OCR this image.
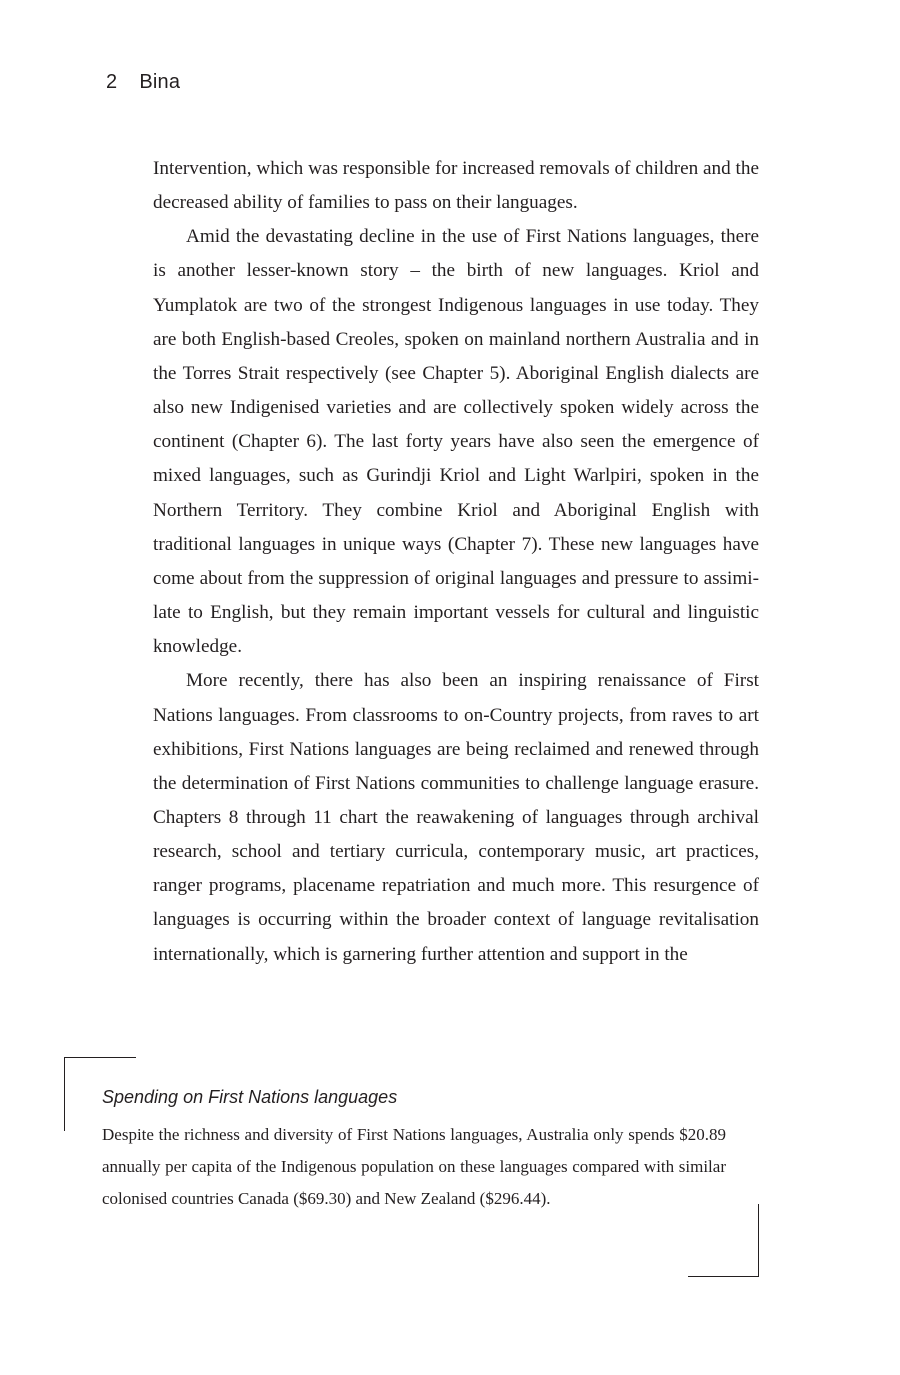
2 Bina

Intervention, which was responsible for increased removals of children and the decreased ability of families to pass on their languages.

Amid the devastating decline in the use of First Nations languages, there is another lesser-known story – the birth of new languages. Kriol and Yumplatok are two of the strongest Indigenous languages in use today. They are both English-based Creoles, spoken on mainland northern Australia and in the Torres Strait respectively (see Chapter 5). Aboriginal English dialects are also new Indigenised varieties and are collectively spoken widely across the continent (Chapter 6). The last forty years have also seen the emergence of mixed languages, such as Gurindji Kriol and Light Warlpiri, spoken in the Northern Territory. They combine Kriol and Aboriginal English with traditional languages in unique ways (Chapter 7). These new languages have come about from the suppression of original languages and pressure to assimilate to English, but they remain important vessels for cultural and linguistic knowledge.

More recently, there has also been an inspiring renaissance of First Nations languages. From classrooms to on-Country projects, from raves to art exhibitions, First Nations languages are being reclaimed and renewed through the determination of First Nations communities to challenge language erasure. Chapters 8 through 11 chart the reawakening of languages through archival research, school and tertiary curricula, contemporary music, art practices, ranger programs, placename repatriation and much more. This resurgence of languages is occurring within the broader context of language revitalisation internationally, which is garnering further attention and support in the

Spending on First Nations languages

Despite the richness and diversity of First Nations languages, Australia only spends $20.89 annually per capita of the Indigenous population on these languages compared with similar colonised countries Canada ($69.30) and New Zealand ($296.44).
